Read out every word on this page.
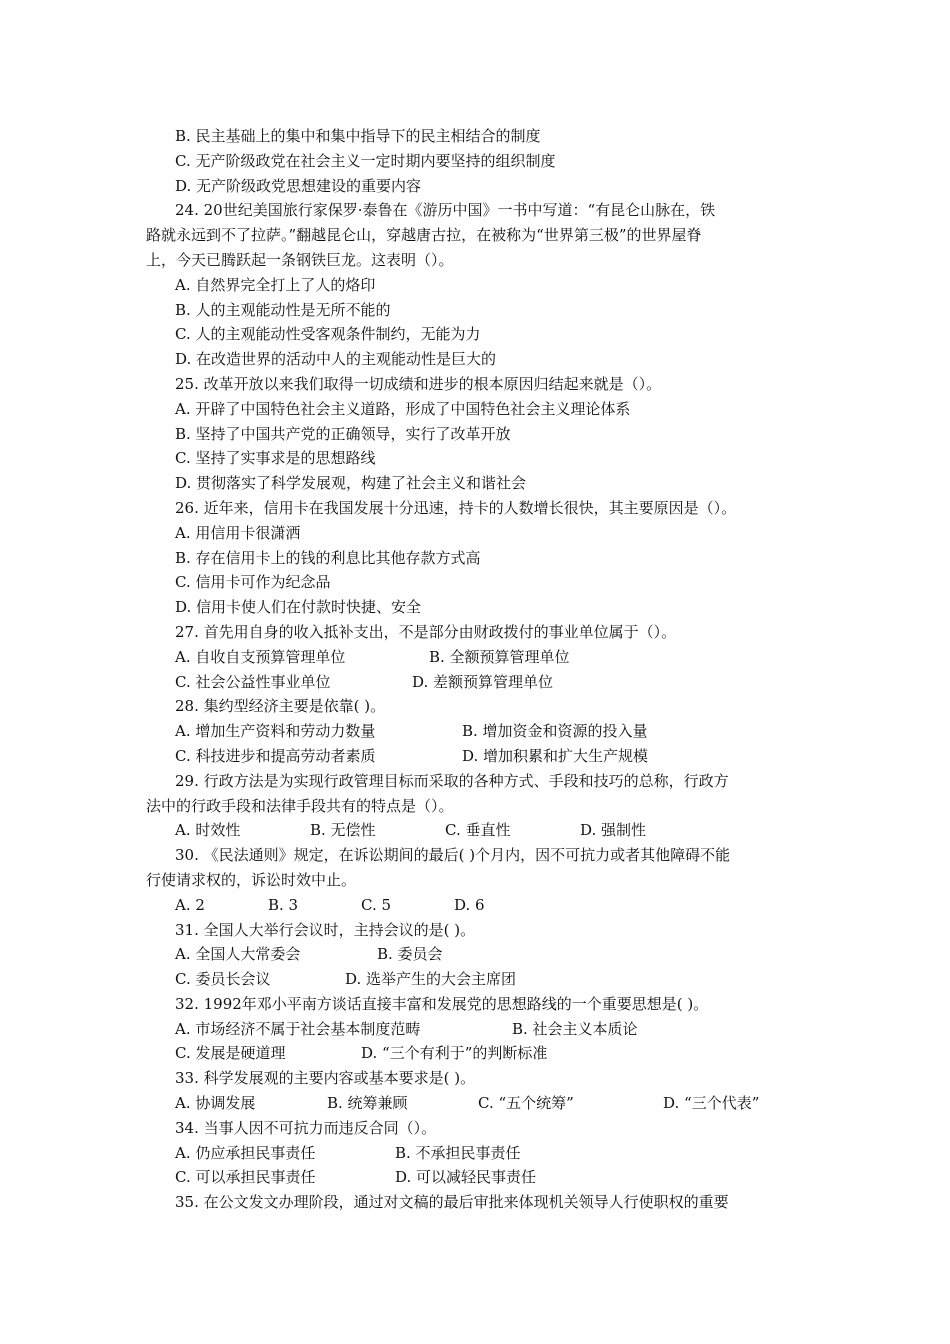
B. 民主基础上的集中和集中指导下的民主相结合的制度
C. 无产阶级政党在社会主义一定时期内要坚持的组织制度
D. 无产阶级政党思想建设的重要内容
24. 20世纪美国旅行家保罗·泰鲁在《游历中国》一书中写道：“有昆仑山脉在，铁
路就永远到不了拉萨。”翻越昆仑山，穿越唐古拉，在被称为“世界第三极”的世界屋脊
上，今天已腾跃起一条钢铁巨龙。这表明（）。
A. 自然界完全打上了人的烙印
B. 人的主观能动性是无所不能的
C. 人的主观能动性受客观条件制约，无能为力
D. 在改造世界的活动中人的主观能动性是巨大的
25. 改革开放以来我们取得一切成绩和进步的根本原因归结起来就是（）。
A. 开辟了中国特色社会主义道路，形成了中国特色社会主义理论体系
B. 坚持了中国共产党的正确领导，实行了改革开放
C. 坚持了实事求是的思想路线
D. 贯彻落实了科学发展观，构建了社会主义和谐社会
26. 近年来，信用卡在我国发展十分迅速，持卡的人数增长很快，其主要原因是（）。
A. 用信用卡很潇洒
B. 存在信用卡上的钱的利息比其他存款方式高
C. 信用卡可作为纪念品
D. 信用卡使人们在付款时快捷、安全
27. 首先用自身的收入抵补支出，不是部分由财政拨付的事业单位属于（）。
A. 自收自支预算管理单位	B. 全额预算管理单位
C. 社会公益性事业单位	D. 差额预算管理单位
28. 集约型经济主要是依靠( )。
A. 增加生产资料和劳动力数量	B. 增加资金和资源的投入量
C. 科技进步和提高劳动者素质	D. 增加积累和扩大生产规模
29. 行政方法是为实现行政管理目标而采取的各种方式、手段和技巧的总称，行政方
法中的行政手段和法律手段共有的特点是（）。
A. 时效性	B. 无偿性	C. 垂直性	D. 强制性
30. 《民法通则》规定，在诉讼期间的最后( )个月内，因不可抗力或者其他障碍不能
行使请求权的，诉讼时效中止。
A. 2	B. 3	C. 5	D. 6
31. 全国人大举行会议时，主持会议的是( )。
A. 全国人大常委会	B. 委员会
C. 委员长会议	D. 选举产生的大会主席团
32. 1992年邓小平南方谈话直接丰富和发展党的思想路线的一个重要思想是( )。
A. 市场经济不属于社会基本制度范畴	B. 社会主义本质论
C. 发展是硬道理	D. “三个有利于”的判断标准
33. 科学发展观的主要内容或基本要求是( )。
A. 协调发展	B. 统筹兼顾	C. “五个统筹”	D. “三个代表”
34. 当事人因不可抗力而违反合同（）。
A. 仍应承担民事责任	B. 不承担民事责任
C. 可以承担民事责任	D. 可以减轻民事责任
35. 在公文发文办理阶段，通过对文稿的最后审批来体现机关领导人行使职权的重要
